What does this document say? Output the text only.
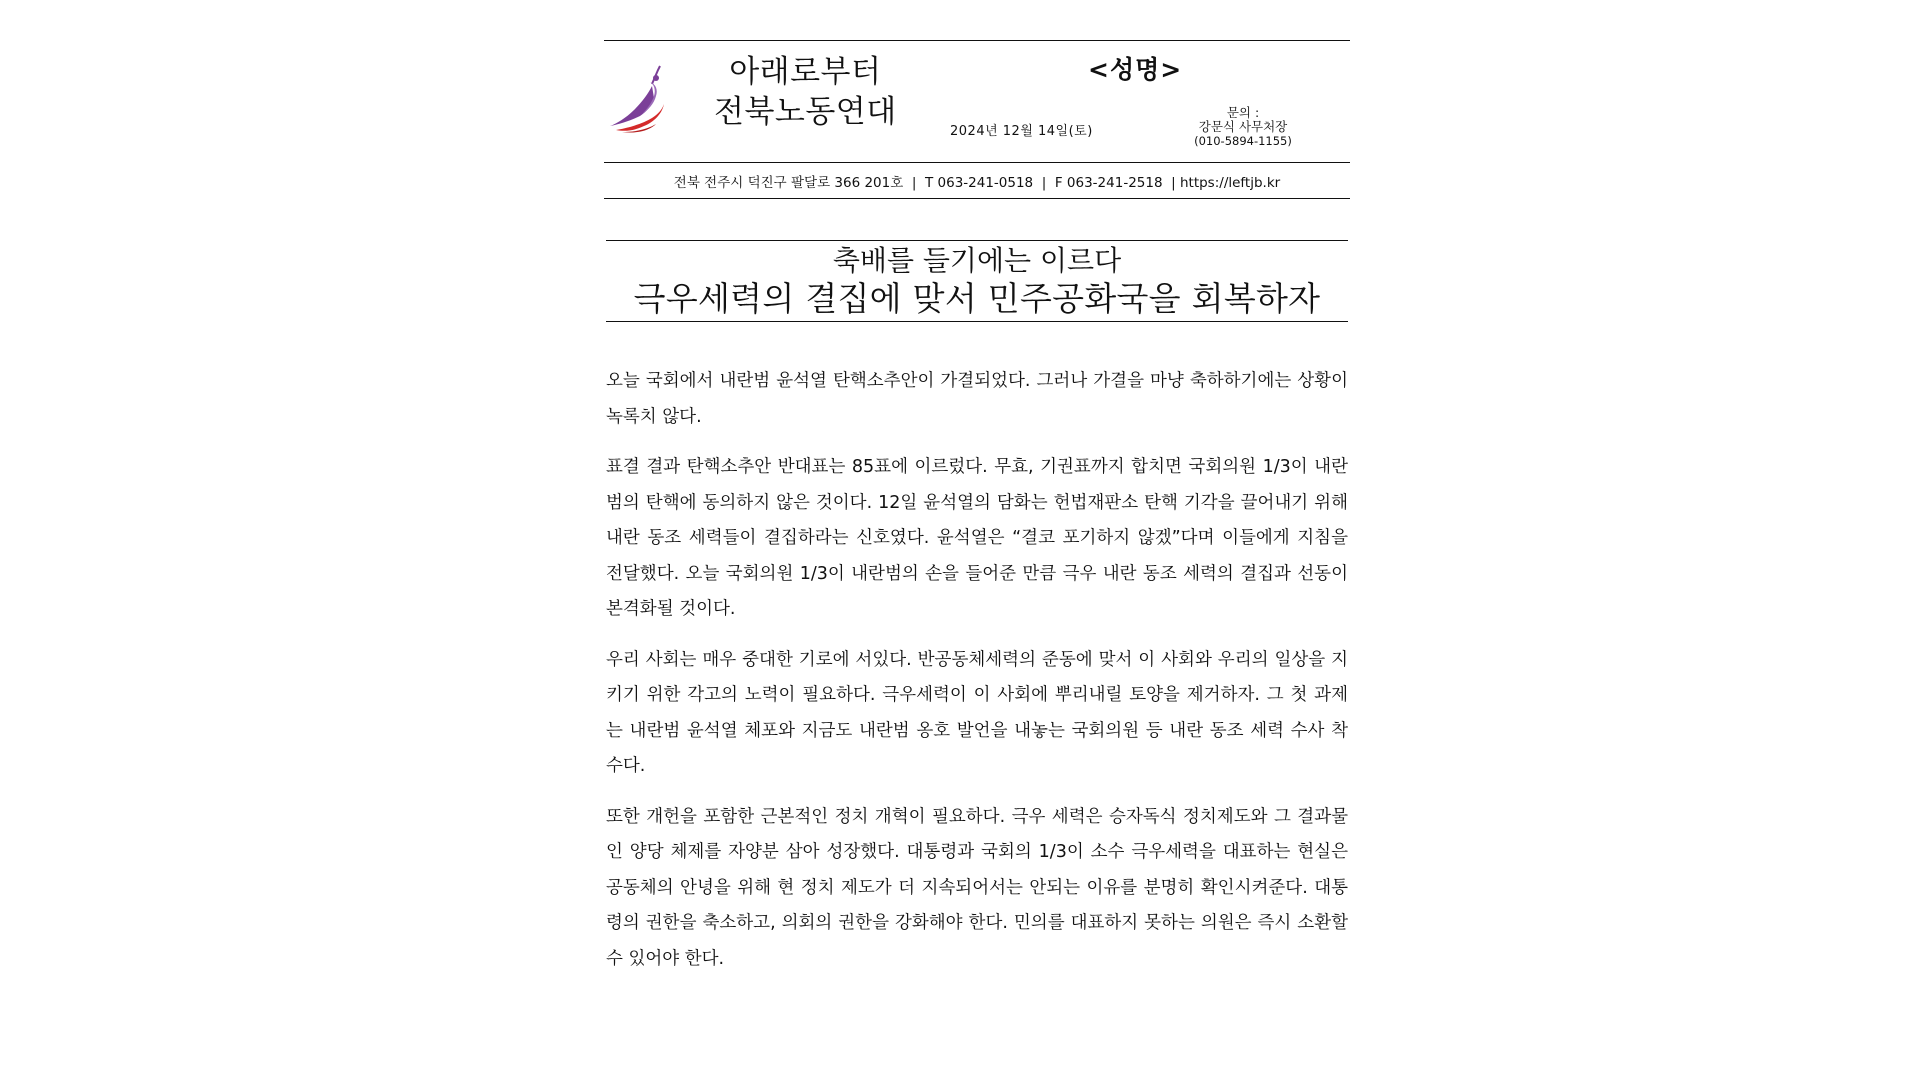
아래로부터
전북노동연대
<성명>
2024년 12월 14일(토)
문의 :
강문식 사무처장
(010-5894-1155)
전북 전주시 덕진구 팔달로 366 201호  |  T 063-241-0518  |  F 063-241-2518  | https://leftjb.kr
축배를 들기에는 이르다
극우세력의 결집에 맞서 민주공화국을 회복하자

오늘 국회에서 내란범 윤석열 탄핵소추안이 가결되었다. 그러나 가결을 마냥 축하하기에는 상황이 녹록치 않다.

표결 결과 탄핵소추안 반대표는 85표에 이르렀다. 무효, 기권표까지 합치면 국회의원 1/3이 내란범의 탄핵에 동의하지 않은 것이다. 12일 윤석열의 담화는 헌법재판소 탄핵 기각을 끌어내기 위해 내란 동조 세력들이 결집하라는 신호였다. 윤석열은 “결코 포기하지 않겠”다며 이들에게 지침을 전달했다. 오늘 국회의원 1/3이 내란범의 손을 들어준 만큼 극우 내란 동조 세력의 결집과 선동이 본격화될 것이다.

우리 사회는 매우 중대한 기로에 서있다. 반공동체세력의 준동에 맞서 이 사회와 우리의 일상을 지키기 위한 각고의 노력이 필요하다. 극우세력이 이 사회에 뿌리내릴 토양을 제거하자. 그 첫 과제는 내란범 윤석열 체포와 지금도 내란범 옹호 발언을 내놓는 국회의원 등 내란 동조 세력 수사 착수다.

또한 개헌을 포함한 근본적인 정치 개혁이 필요하다. 극우 세력은 승자독식 정치제도와 그 결과물인 양당 체제를 자양분 삼아 성장했다. 대통령과 국회의 1/3이 소수 극우세력을 대표하는 현실은 공동체의 안녕을 위해 현 정치 제도가 더 지속되어서는 안되는 이유를 분명히 확인시켜준다. 대통령의 권한을 축소하고, 의회의 권한을 강화해야 한다. 민의를 대표하지 못하는 의원은 즉시 소환할 수 있어야 한다.
